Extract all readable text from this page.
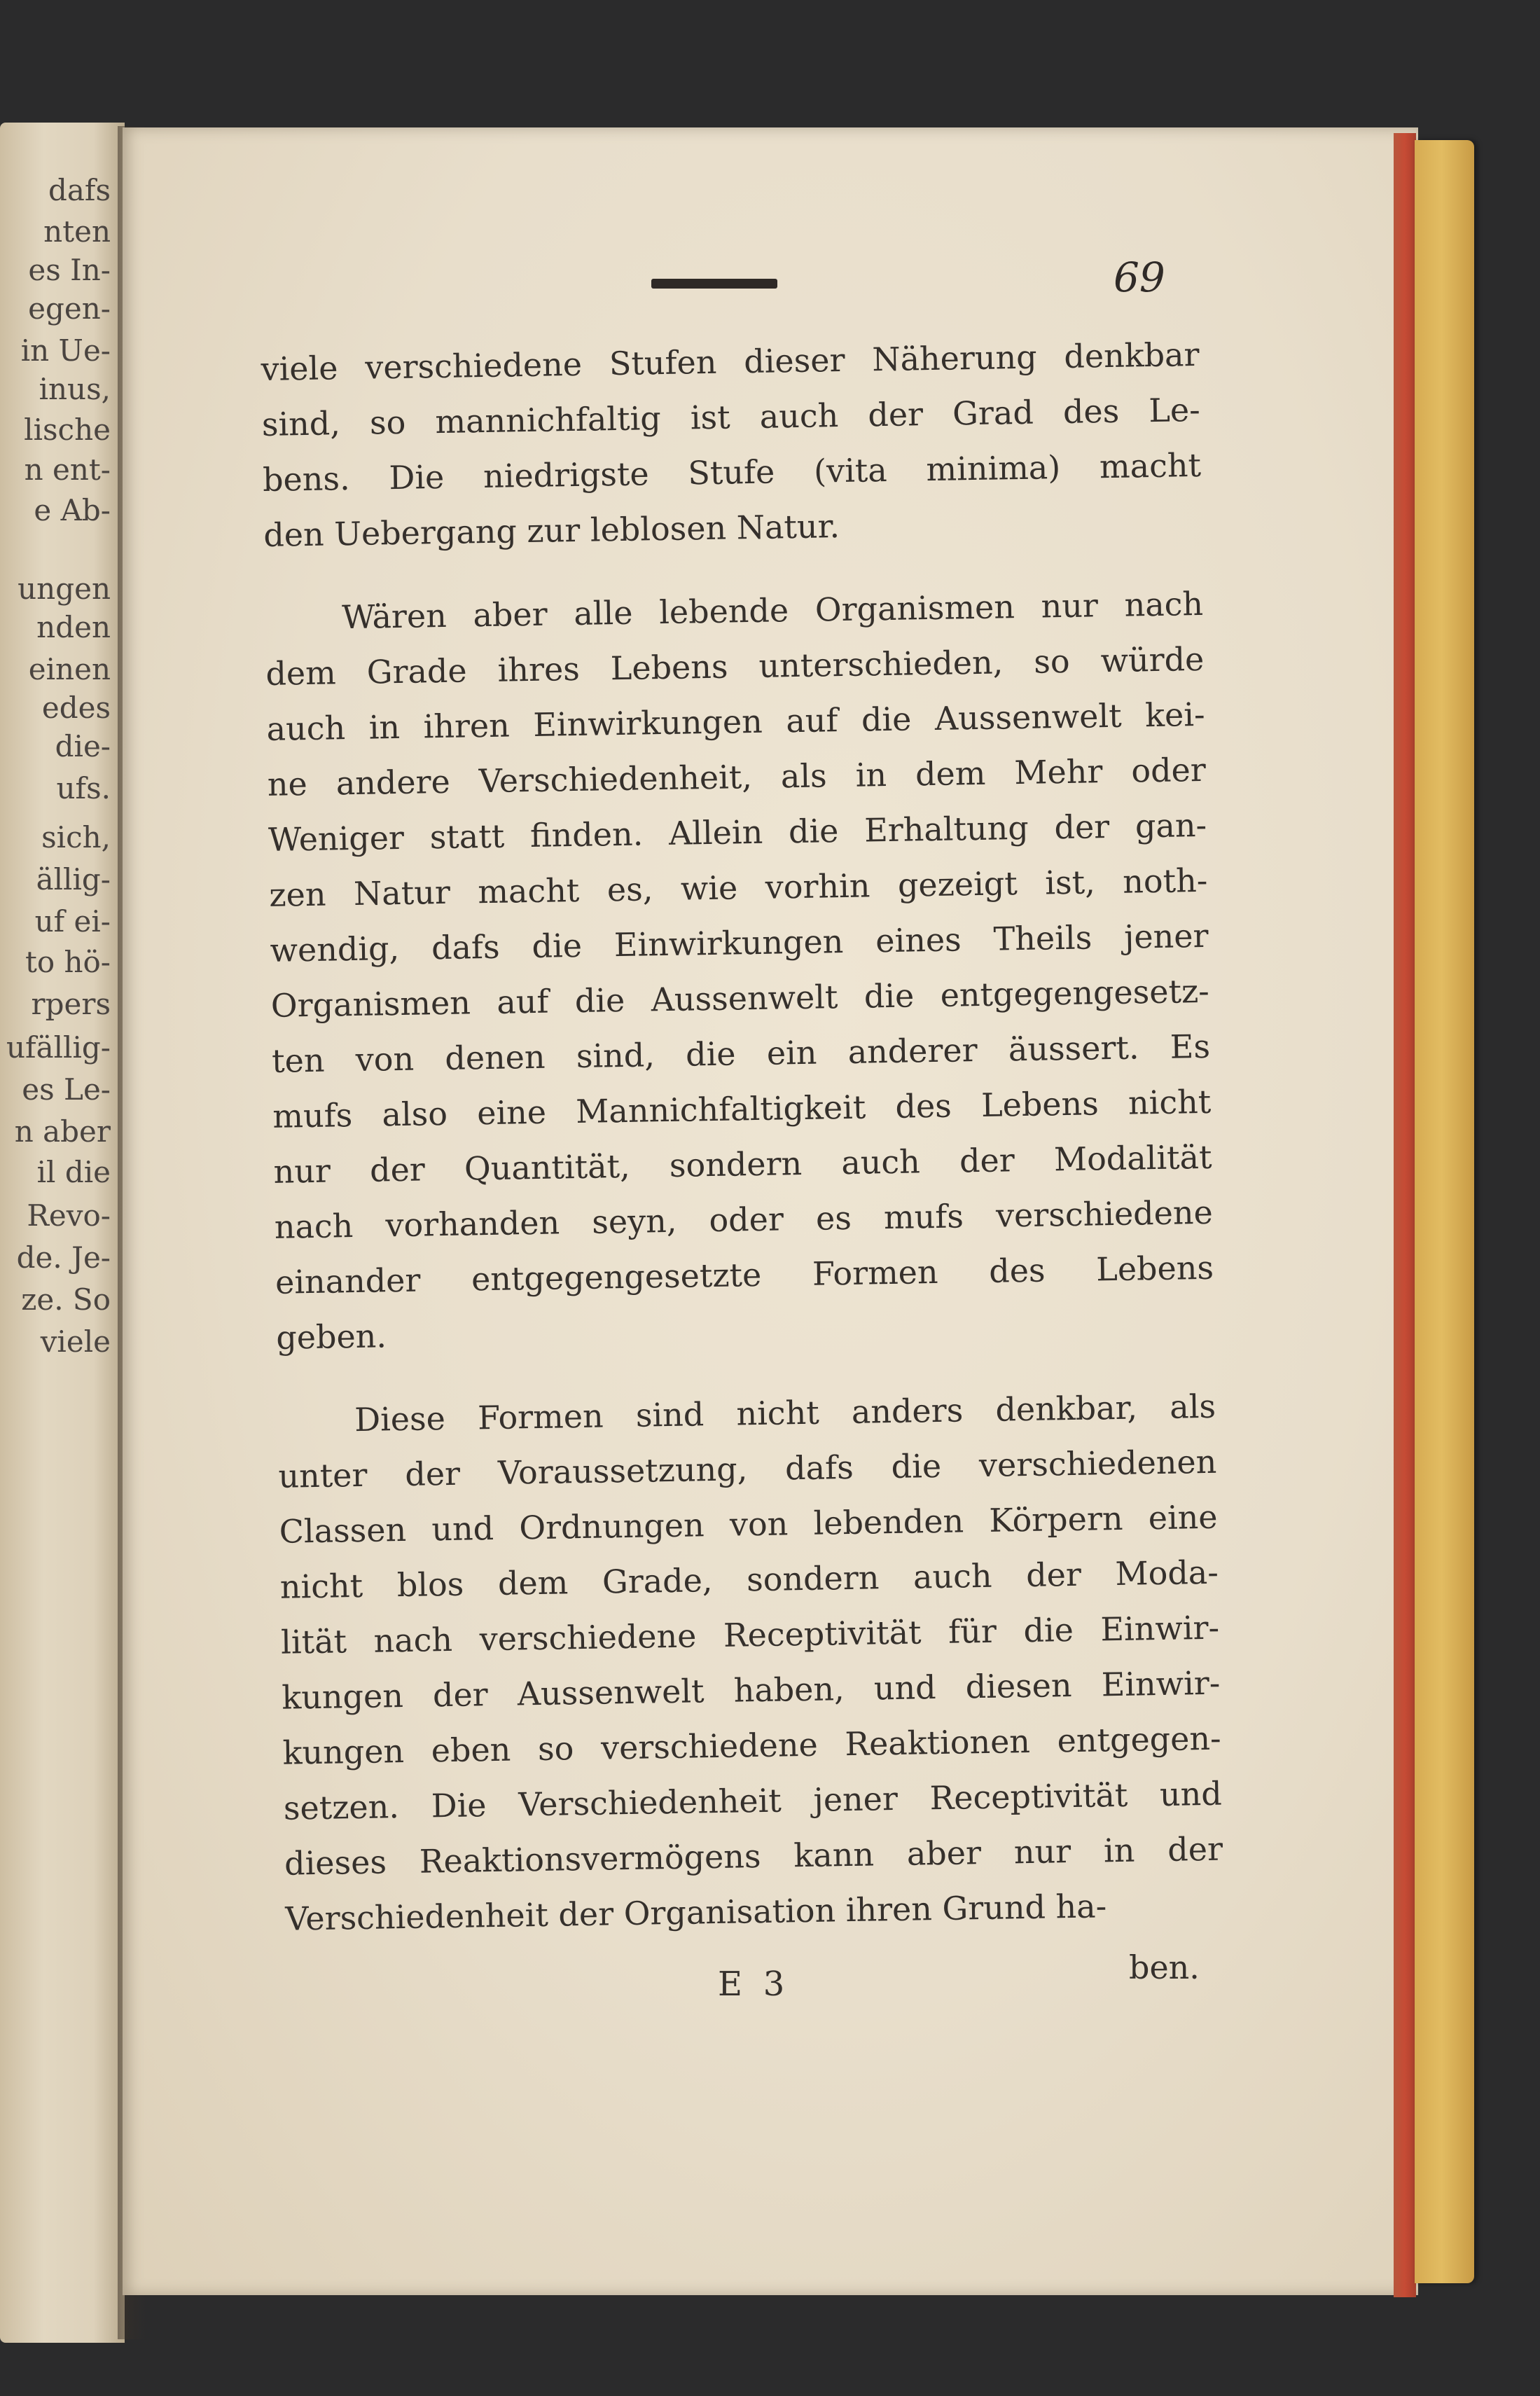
dafs
nten
es In-
egen-
in Ue-
inus,
lische
n ent-
e Ab-
ungen
nden
einen
edes
die-
ufs.
sich,
ällig-
uf ei-
to hö-
rpers
ufällig-
es Le-
n aber
il die
Revo-
de. Je-
ze. So
viele
69
viele verschiedene Stufen dieser Näherung denkbar
sind, so mannichfaltig ist auch der Grad des Le-
bens. Die niedrigste Stufe (vita minima) macht
den Uebergang zur leblosen Natur.
Wären aber alle lebende Organismen nur nach
dem Grade ihres Lebens unterschieden, so würde
auch in ihren Einwirkungen auf die Aussenwelt kei-
ne andere Verschiedenheit, als in dem Mehr oder
Weniger statt finden. Allein die Erhaltung der gan-
zen Natur macht es, wie vorhin gezeigt ist, noth-
wendig, dafs die Einwirkungen eines Theils jener
Organismen auf die Aussenwelt die entgegengesetz-
ten von denen sind, die ein anderer äussert. Es
mufs also eine Mannichfaltigkeit des Lebens nicht
nur der Quantität, sondern auch der Modalität
nach vorhanden seyn, oder es mufs verschiedene
einander entgegengesetzte Formen des Lebens
geben.
Diese Formen sind nicht anders denkbar, als
unter der Voraussetzung, dafs die verschiedenen
Classen und Ordnungen von lebenden Körpern eine
nicht blos dem Grade, sondern auch der Moda-
lität nach verschiedene Receptivität für die Einwir-
kungen der Aussenwelt haben, und diesen Einwir-
kungen eben so verschiedene Reaktionen entgegen-
setzen. Die Verschiedenheit jener Receptivität und
dieses Reaktionsvermögens kann aber nur in der
Verschiedenheit der Organisation ihren Grund ha-
E 3	ben.
